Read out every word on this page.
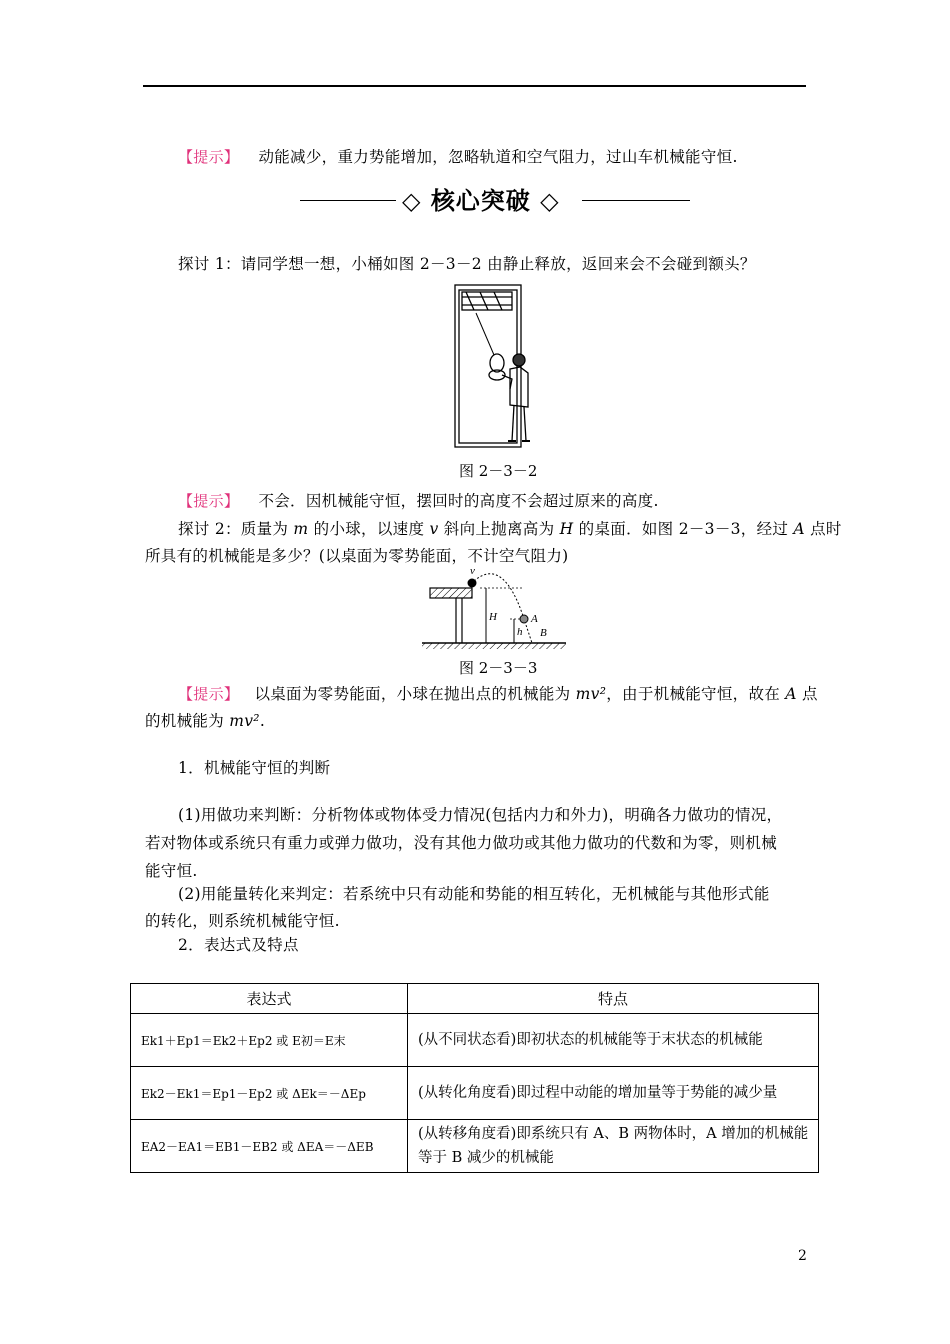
【提示】 动能减少，重力势能增加，忽略轨道和空气阻力，过山车机械能守恒.
◇ 核心突破 ◇
探讨 1：请同学想一想，小桶如图 2－3－2 由静止释放，返回来会不会碰到额头？
图 2－3－2
【提示】 不会．因机械能守恒，摆回时的高度不会超过原来的高度.
探讨 2：质量为 m 的小球，以速度 v 斜向上抛离高为 H 的桌面．如图 2－3－3，经过 A 点时
所具有的机械能是多少？(以桌面为零势能面，不计空气阻力)
v
H
h
A
B
图 2－3－3
【提示】 以桌面为零势能面，小球在抛出点的机械能为 mv²，由于机械能守恒，故在 A 点
的机械能为 mv².
1．机械能守恒的判断
(1)用做功来判断：分析物体或物体受力情况(包括内力和外力)，明确各力做功的情况，
若对物体或系统只有重力或弹力做功，没有其他力做功或其他力做功的代数和为零，则机械
能守恒.
(2)用能量转化来判定：若系统中只有动能和势能的相互转化，无机械能与其他形式能
的转化，则系统机械能守恒.
2．表达式及特点
表达式	特点
Ek1＋Ep1＝Ek2＋Ep2 或 E初＝E末	(从不同状态看)即初状态的机械能等于末状态的机械能
Ek2－Ek1＝Ep1－Ep2 或 ΔEk＝－ΔEp	(从转化角度看)即过程中动能的增加量等于势能的减少量
EA2－EA1＝EB1－EB2 或 ΔEA＝－ΔEB	(从转移角度看)即系统只有 A、B 两物体时，A 增加的机械能等于 B 减少的机械能
2
